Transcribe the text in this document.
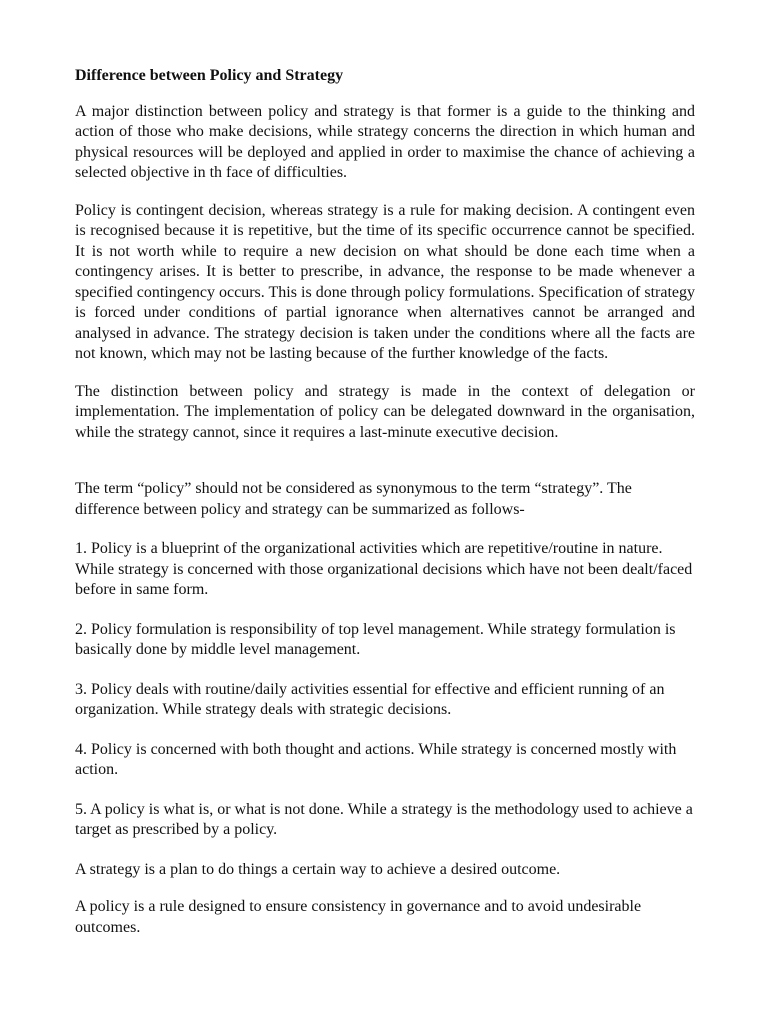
Difference between Policy and Strategy

A major distinction between policy and strategy is that former is a guide to the thinking and action of those who make decisions, while strategy concerns the direction in which human and physical resources will be deployed and applied in order to maximise the chance of achieving a selected objective in th face of difficulties.

Policy is contingent decision, whereas strategy is a rule for making decision. A contingent even is recognised because it is repetitive, but the time of its specific occurrence cannot be specified. It is not worth while to require a new decision on what should be done each time when a contingency arises. It is better to prescribe, in advance, the response to be made whenever a specified contingency occurs. This is done through policy formulations. Specification of strategy is forced under conditions of partial ignorance when alternatives cannot be arranged and analysed in advance. The strategy decision is taken under the conditions where all the facts are not known, which may not be lasting because of the further knowledge of the facts.

The distinction between policy and strategy is made in the context of delegation or implementation. The implementation of policy can be delegated downward in the organisation, while the strategy cannot, since it requires a last-minute executive decision.

The term “policy” should not be considered as synonymous to the term “strategy”. The difference between policy and strategy can be summarized as follows-

1. Policy is a blueprint of the organizational activities which are repetitive/routine in nature. While strategy is concerned with those organizational decisions which have not been dealt/faced before in same form.

2. Policy formulation is responsibility of top level management. While strategy formulation is basically done by middle level management.

3. Policy deals with routine/daily activities essential for effective and efficient running of an organization. While strategy deals with strategic decisions.

4. Policy is concerned with both thought and actions. While strategy is concerned mostly with action.

5. A policy is what is, or what is not done. While a strategy is the methodology used to achieve a target as prescribed by a policy.

A strategy is a plan to do things a certain way to achieve a desired outcome.

A policy is a rule designed to ensure consistency in governance and to avoid undesirable outcomes.
